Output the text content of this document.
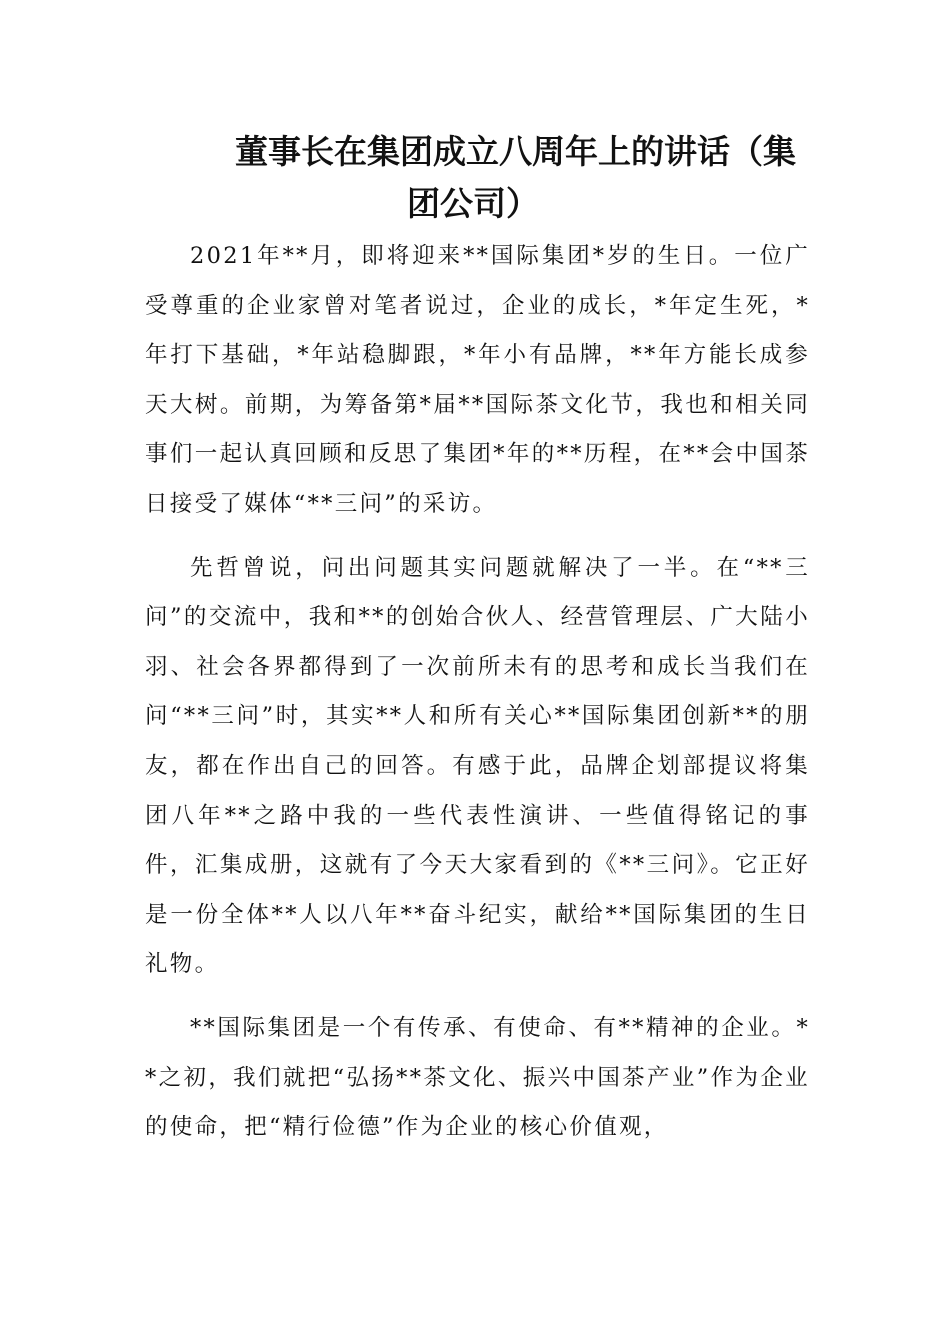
董事长在集团成立八周年上的讲话（集
团公司）

2021年**月，即将迎来**国际集团*岁的生日。一位广受尊重的企业家曾对笔者说过，企业的成长，*年定生死，*年打下基础，*年站稳脚跟，*年小有品牌，**年方能长成参天大树。前期，为筹备第*届**国际茶文化节，我也和相关同事们一起认真回顾和反思了集团*年的**历程，在**会中国茶日接受了媒体“**三问”的采访。

先哲曾说，问出问题其实问题就解决了一半。在“**三问”的交流中，我和**的创始合伙人、经营管理层、广大陆小羽、社会各界都得到了一次前所未有的思考和成长当我们在问“**三问”时，其实**人和所有关心**国际集团创新**的朋友，都在作出自己的回答。有感于此，品牌企划部提议将集团八年**之路中我的一些代表性演讲、一些值得铭记的事件，汇集成册，这就有了今天大家看到的《**三问》。它正好是一份全体**人以八年**奋斗纪实，献给**国际集团的生日礼物。

**国际集团是一个有传承、有使命、有**精神的企业。**之初，我们就把“弘扬**茶文化、振兴中国茶产业”作为企业的使命，把“精行俭德”作为企业的核心价值观，
